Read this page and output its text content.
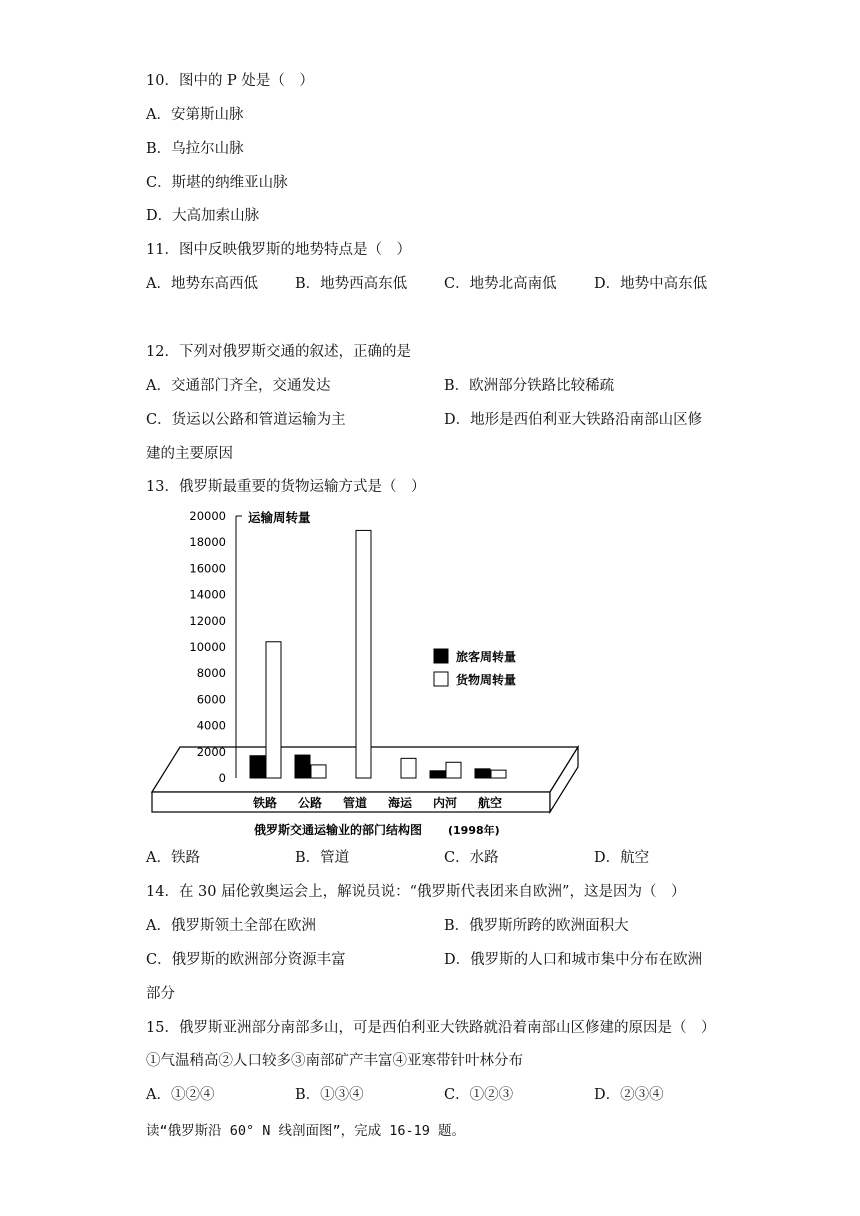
10．图中的 P 处是（　）
A．安第斯山脉
B．乌拉尔山脉
C．斯堪的纳维亚山脉
D．大高加索山脉
11．图中反映俄罗斯的地势特点是（　）
A．地势东高西低	B．地势西高东低	C．地势北高南低	D．地势中高东低
12．下列对俄罗斯交通的叙述，正确的是
A．交通部门齐全，交通发达	B．欧洲部分铁路比较稀疏
C．货运以公路和管道运输为主	D．地形是西伯利亚大铁路沿南部山区修
建的主要原因
13．俄罗斯最重要的货物运输方式是（　）
运输周转量
0
2000
4000
6000
8000
10000
12000
14000
16000
18000
20000
铁路 公路 管道 海运 内河 航空
旅客周转量
货物周转量
俄罗斯交通运输业的部门结构图 (1998年)
A．铁路	B．管道	C．水路	D．航空
14．在 30 届伦敦奥运会上，解说员说：“俄罗斯代表团来自欧洲”，这是因为（　）
A．俄罗斯领土全部在欧洲	B．俄罗斯所跨的欧洲面积大
C．俄罗斯的欧洲部分资源丰富	D．俄罗斯的人口和城市集中分布在欧洲
部分
15．俄罗斯亚洲部分南部多山，可是西伯利亚大铁路就沿着南部山区修建的原因是（　）
①气温稍高②人口较多③南部矿产丰富④亚寒带针叶林分布
A．①②④	B．①③④	C．①②③	D．②③④
读“俄罗斯沿 60° N 线剖面图”，完成 16-19 题。
